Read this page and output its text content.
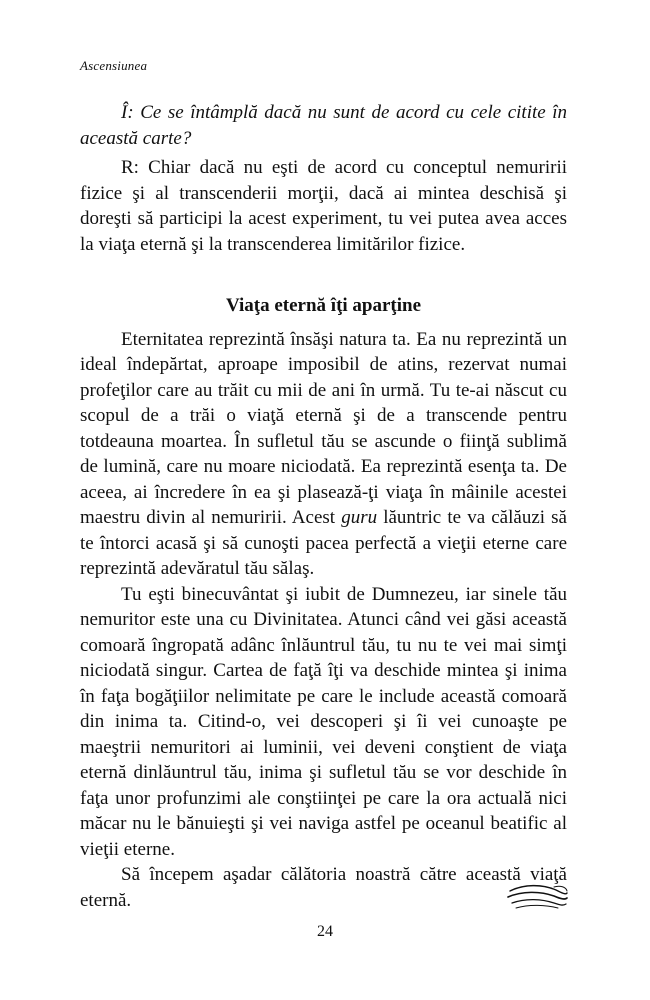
Ascensiunea

Î: Ce se întâmplă dacă nu sunt de acord cu cele citite în această carte?

R: Chiar dacă nu eşti de acord cu conceptul nemuririi fizice şi al transcenderii morţii, dacă ai mintea deschisă şi doreşti să participi la acest experiment, tu vei putea avea acces la viaţa eternă şi la transcenderea limitărilor fizice.

Viaţa eternă îţi aparţine

Eternitatea reprezintă însăşi natura ta. Ea nu reprezintă un ideal îndepărtat, aproape imposibil de atins, rezervat numai profeţilor care au trăit cu mii de ani în urmă. Tu te-ai născut cu scopul de a trăi o viaţă eternă şi de a transcende pentru totdeauna moartea. În sufletul tău se ascunde o fiinţă sublimă de lumină, care nu moare niciodată. Ea reprezintă esenţa ta. De aceea, ai încredere în ea şi plasează-ţi viaţa în mâinile acestei maestru divin al nemuririi. Acest guru lăuntric te va călăuzi să te întorci acasă şi să cunoşti pacea perfectă a vieţii eterne care reprezintă adevăratul tău sălaş.

Tu eşti binecuvântat şi iubit de Dumnezeu, iar sinele tău nemuritor este una cu Divinitatea. Atunci când vei găsi această comoară îngropată adânc înlăuntrul tău, tu nu te vei mai simţi niciodată singur. Cartea de faţă îţi va deschide mintea şi inima în faţa bogăţiilor nelimitate pe care le include această comoară din inima ta. Citind-o, vei descoperi şi îi vei cunoaşte pe maeştrii nemuritori ai luminii, vei deveni conştient de viaţa eternă dinlăuntrul tău, inima şi sufletul tău se vor deschide în faţa unor profunzimi ale conştiinţei pe care la ora actuală nici măcar nu le bănuieşti şi vei naviga astfel pe oceanul beatific al vieţii eterne.

Să începem aşadar călătoria noastră către această viaţă eternă.

24
